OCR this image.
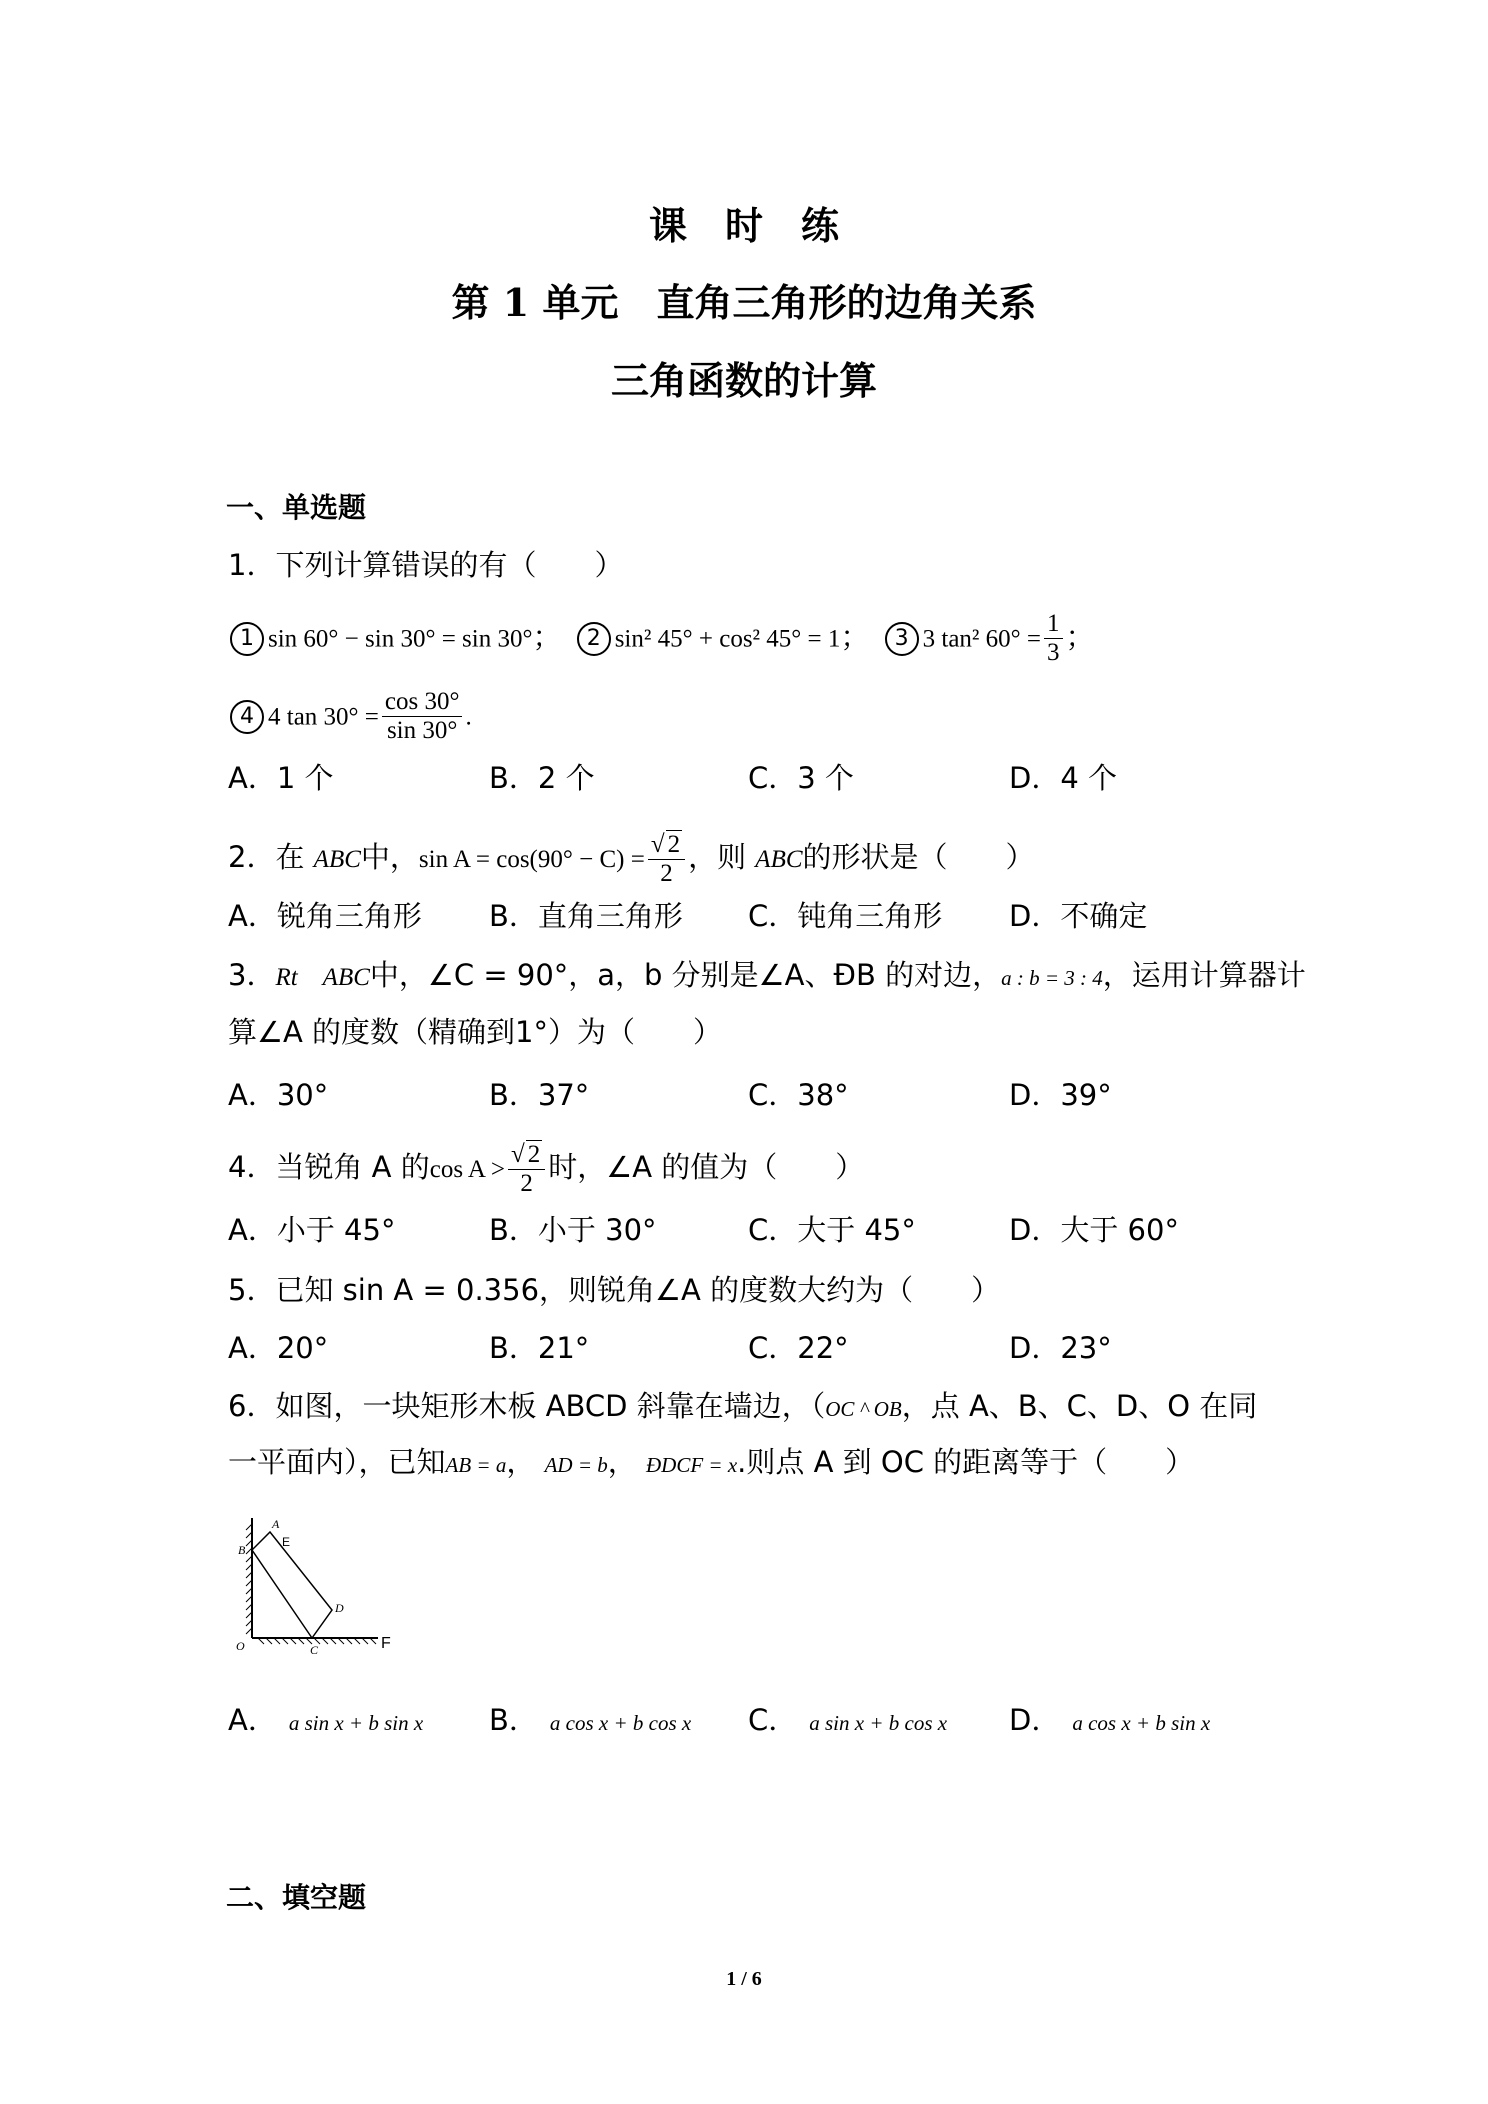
课　时　练
第 1 单元　直角三角形的边角关系
三角函数的计算
一、单选题
1．下列计算错误的有（　　）
1 sin 60° − sin 30° = sin 30°； 2 sin² 45° + cos² 45° = 1； 3 3 tan² $60^\circ = \frac{1}{3}$ ；
4 4 $\tan 30^\circ = \frac{\cos 30^\circ}{\sin 30^\circ}$ .
A．1 个	B．2 个	C．3 个	D．4 个
2．在 ABC中，$\sin A = \cos(90^\circ - C) = \frac{√ 2}{2}$ ，则 ABC的形状是（　　）
A．锐角三角形 B．直角三角形 C．钝角三角形 D．不确定
3．Rt　ABC中，∠C = 90°，a，b 分别是∠A、ÐB 的对边，a : b = 3 : 4，运用计算器计
算∠A 的度数（精确到1°）为（　　）
A．30°	B．37°	C．38°	D．39°
4．当锐角 A 的$\cos A > \frac{√ 2}{2}$ 时，∠A 的值为（　　）
A．小于 45°	B．小于 30°	C．大于 45°	D．大于 60°
5．已知 sin A = 0.356，则锐角∠A 的度数大约为（　　）
A．20°	B．21°	C．22°	D．23°
6．如图，一块矩形木板 ABCD 斜靠在墙边，（OC ^ OB，点 A、B、C、D、O 在同
一平面内），已知AB = a， AD = b， ÐDCF = x.则点 A 到 OC 的距离等于（　　）
A
B
C
D
E
O	F
A． a sin x + b sin x B． a cos x + b cos x C． a sin x + b cos x D． a cos x + b sin x
二、填空题
1 / 6
